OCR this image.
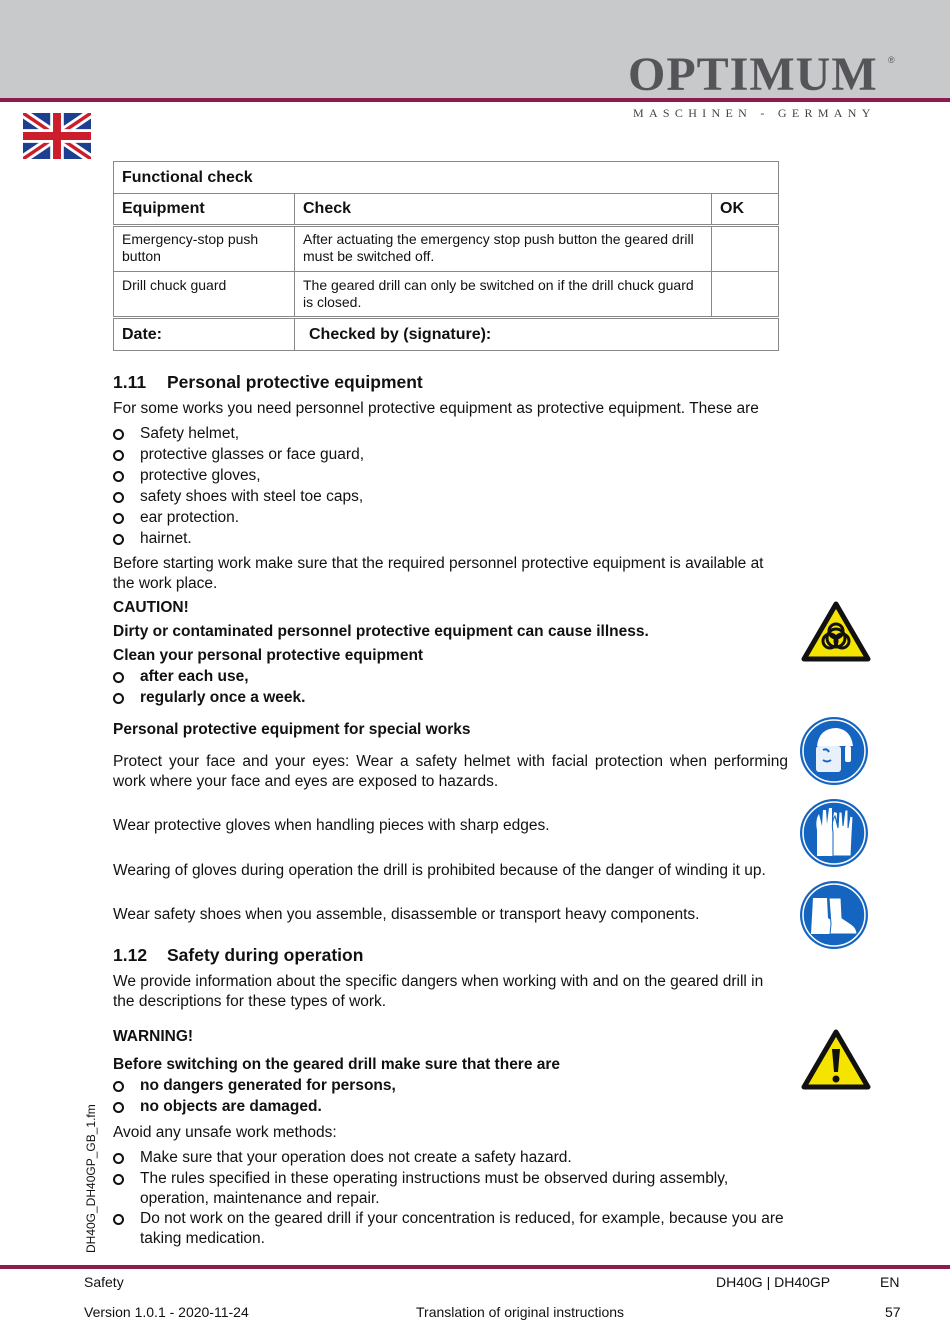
OPTIMUM ®
MASCHINEN - GERMANY
Functional check		
Equipment	Check	OK
Emergency-stop push button	After actuating the emergency stop push button the geared drill must be switched off.	
Drill chuck guard	The geared drill can only be switched on if the drill chuck guard is closed.	
Date:	Checked by (signature):	
1.11 Personal protective equipment
For some works you need personnel protective equipment as protective equipment. These are
Safety helmet,
protective glasses or face guard,
protective gloves,
safety shoes with steel toe caps,
ear protection.
hairnet.
Before starting work make sure that the required personnel protective equipment is available at the work place.
CAUTION!
Dirty or contaminated personnel protective equipment can cause illness.
Clean your personal protective equipment
after each use,
regularly once a week.
Personal protective equipment for special works
Protect your face and your eyes: Wear a safety helmet with facial protection when performing work where your face and eyes are exposed to hazards.
Wear protective gloves when handling pieces with sharp edges.
Wearing of gloves during operation the drill is prohibited because of the danger of winding it up.
Wear safety shoes when you assemble, disassemble or transport heavy components.
1.12 Safety during operation
We provide information about the specific dangers when working with and on the geared drill in the descriptions for these types of work.
WARNING!
Before switching on the geared drill make sure that there are
no dangers generated for persons,
no objects are damaged.
Avoid any unsafe work methods:
Make sure that your operation does not create a safety hazard.
The rules specified in these operating instructions must be observed during assembly, operation, maintenance and repair.
Do not work on the geared drill if your concentration is reduced, for example, because you are taking medication.
DH40G_DH40GP_GB_1.fm
Safety	DH40G | DH40GP	EN
Version 1.0.1 - 2020-11-24	Translation of original instructions	57
